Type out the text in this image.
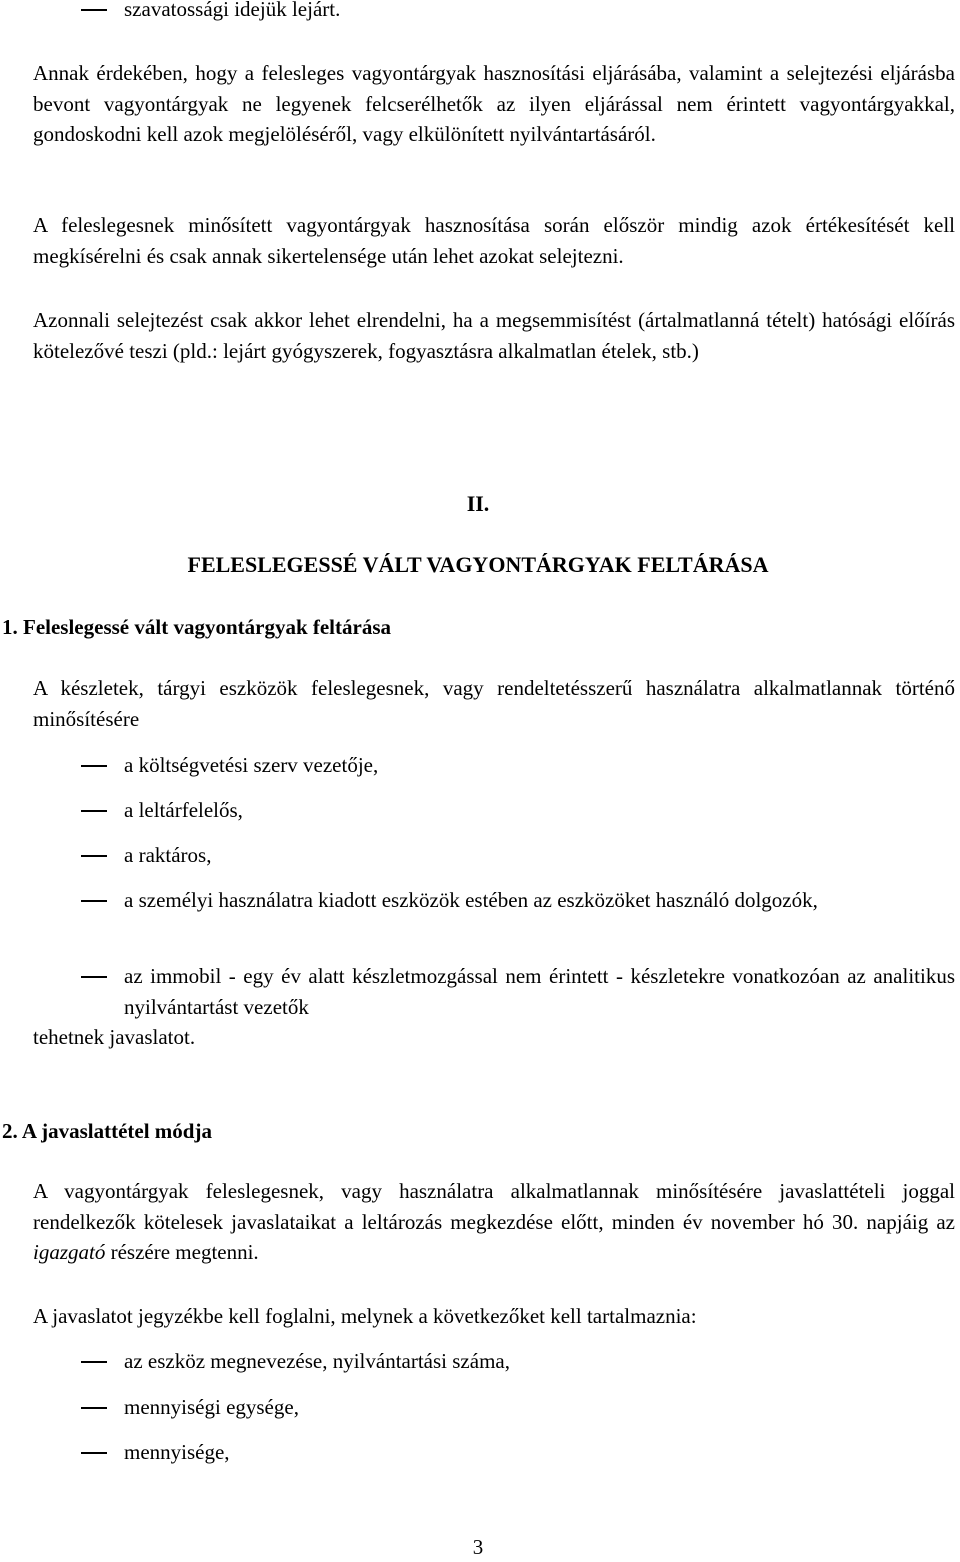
szavatossági idejük lejárt.

Annak érdekében, hogy a felesleges vagyontárgyak hasznosítási eljárásába, valamint a selejtezési eljárásba bevont vagyontárgyak ne legyenek felcserélhetők az ilyen eljárással nem érintett vagyontárgyakkal, gondoskodni kell azok megjelöléséről, vagy elkülönített nyilvántartásáról.

A feleslegesnek minősített vagyontárgyak hasznosítása során először mindig azok értékesítését kell megkísérelni és csak annak sikertelensége után lehet azokat selejtezni.

Azonnali selejtezést csak akkor lehet elrendelni, ha a megsemmisítést (ártalmatlanná tételt) hatósági előírás kötelezővé teszi (pld.: lejárt gyógyszerek, fogyasztásra alkalmatlan ételek, stb.)

II.
FELESLEGESSÉ VÁLT VAGYONTÁRGYAK FELTÁRÁSA
1. Feleslegessé vált vagyontárgyak feltárása

A készletek, tárgyi eszközök feleslegesnek, vagy rendeltetésszerű használatra alkalmatlannak történő minősítésére

a költségvetési szerv vezetője,
a leltárfelelős,
a raktáros,
a személyi használatra kiadott eszközök estében az eszközöket használó dolgozók,
az immobil - egy év alatt készletmozgással nem érintett - készletekre vonatkozóan az analitikus nyilvántartást vezetők

tehetnek javaslatot.

2. A javaslattétel módja

A vagyontárgyak feleslegesnek, vagy használatra alkalmatlannak minősítésére javaslattételi joggal rendelkezők kötelesek javaslataikat a leltározás megkezdése előtt, minden év november hó 30. napjáig az igazgató részére megtenni.

A javaslatot jegyzékbe kell foglalni, melynek a következőket kell tartalmaznia:

az eszköz megnevezése, nyilvántartási száma,
mennyiségi egysége,
mennyisége,
3
